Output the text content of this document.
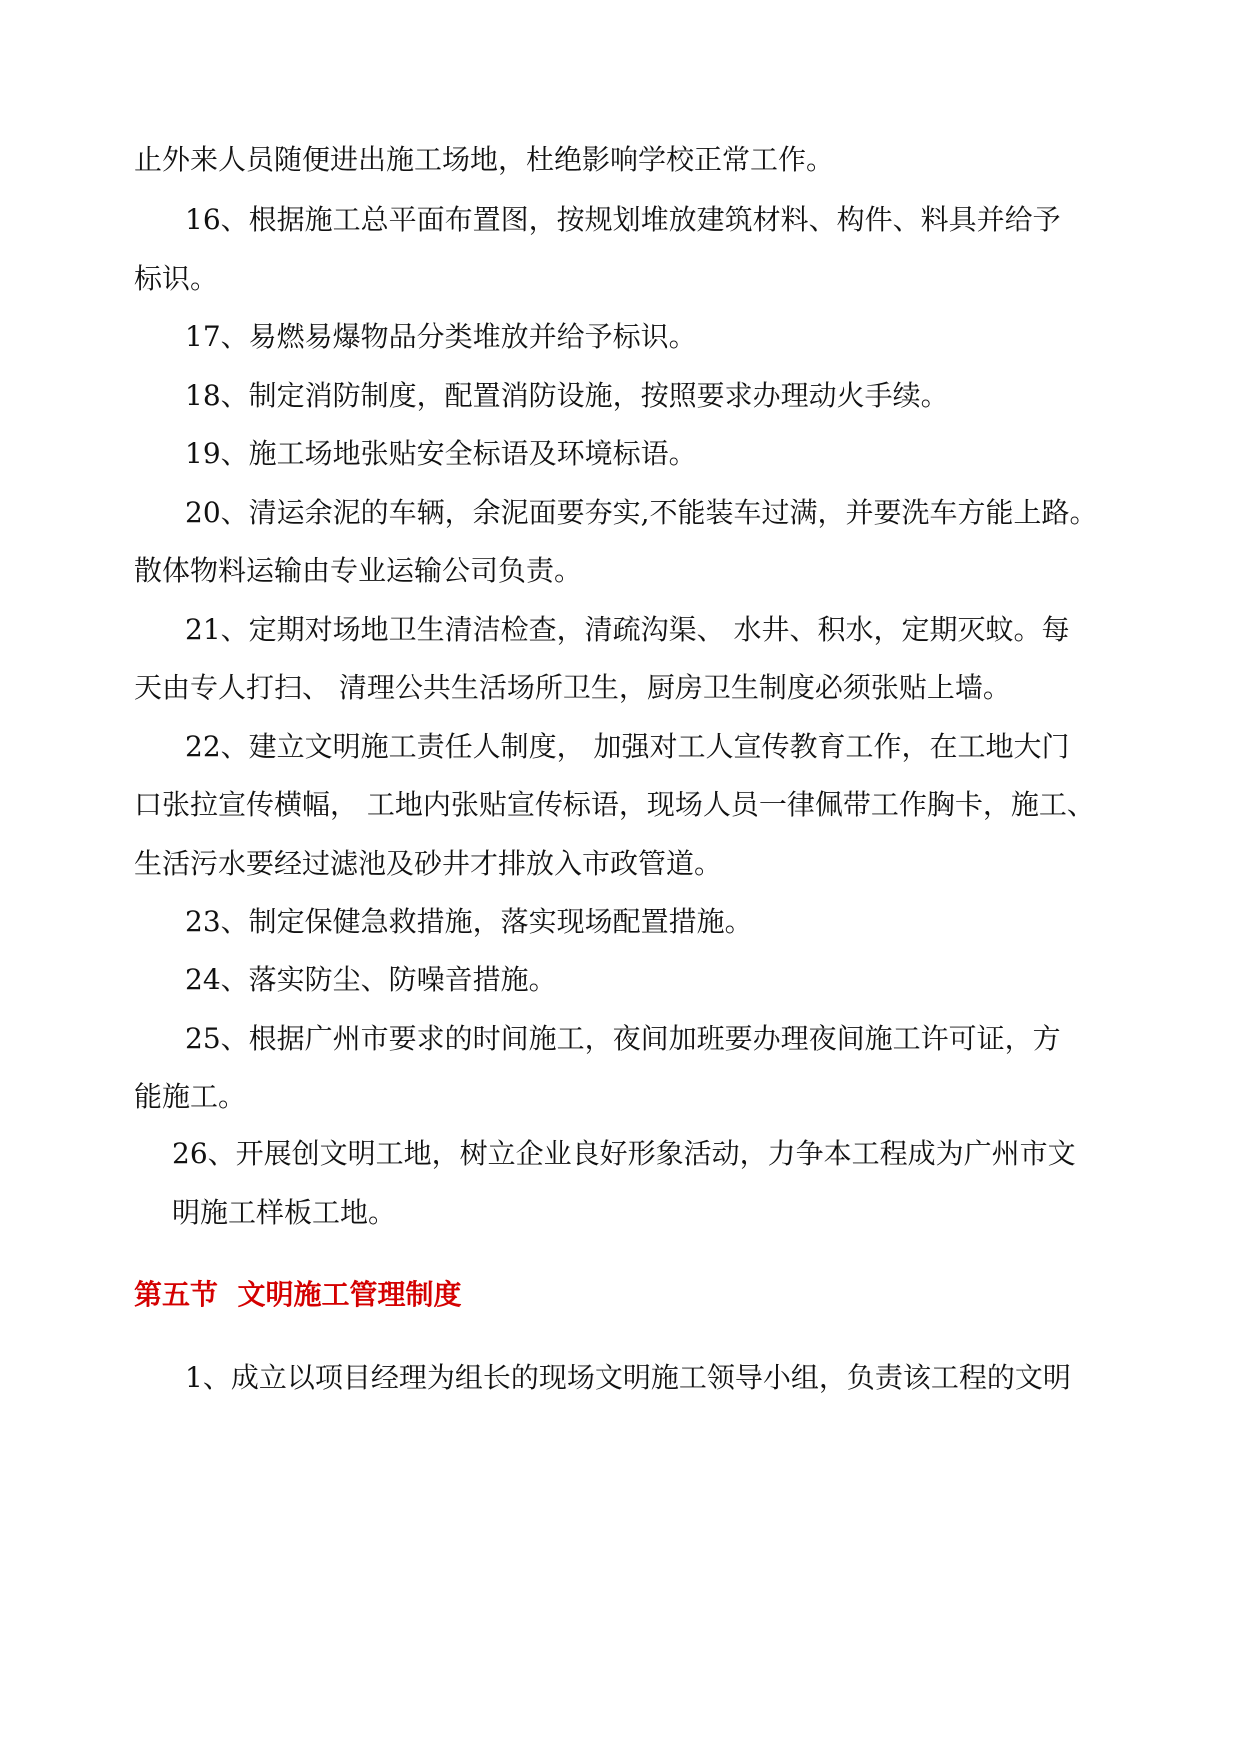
止外来人员随便进出施工场地，杜绝影响学校正常工作。
16、根据施工总平面布置图，按规划堆放建筑材料、构件、料具并给予
标识。
17、易燃易爆物品分类堆放并给予标识。
18、制定消防制度，配置消防设施，按照要求办理动火手续。
19、施工场地张贴安全标语及环境标语。
20、清运余泥的车辆，余泥面要夯实,不能装车过满，并要洗车方能上路。
散体物料运输由专业运输公司负责。
21、定期对场地卫生清洁检查，清疏沟渠、 水井、积水，定期灭蚊。每
天由专人打扫、 清理公共生活场所卫生，厨房卫生制度必须张贴上墙。
22、建立文明施工责任人制度， 加强对工人宣传教育工作，在工地大门
口张拉宣传横幅， 工地内张贴宣传标语，现场人员一律佩带工作胸卡，施工、
生活污水要经过滤池及砂井才排放入市政管道。
23、制定保健急救措施，落实现场配置措施。
24、落实防尘、防噪音措施。
25、根据广州市要求的时间施工，夜间加班要办理夜间施工许可证，方
能施工。
26、开展创文明工地，树立企业良好形象活动，力争本工程成为广州市文
明施工样板工地。
第五节  文明施工管理制度
1、成立以项目经理为组长的现场文明施工领导小组，负责该工程的文明
